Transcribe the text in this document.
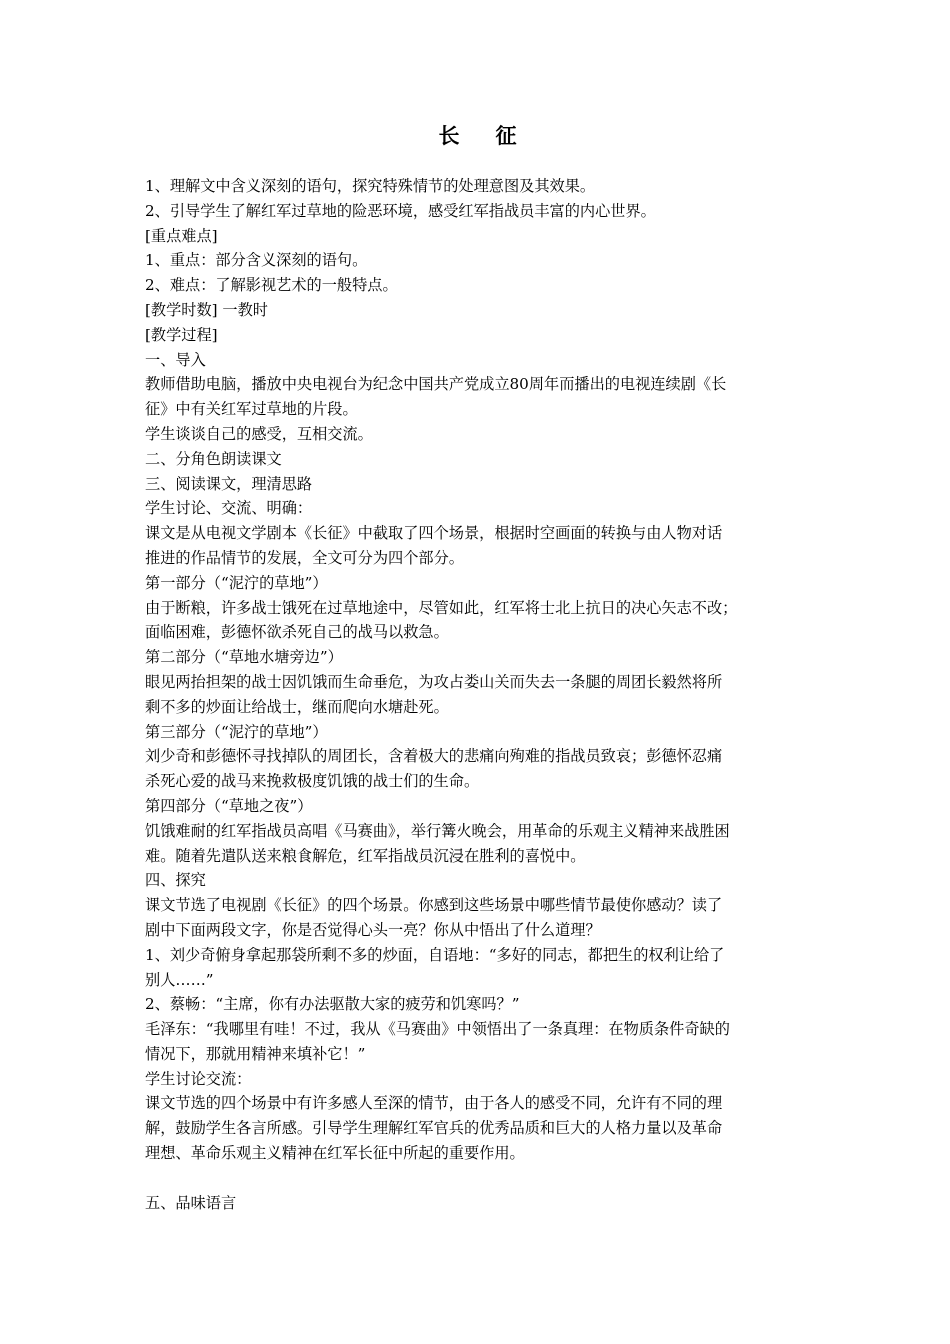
长 征
1、理解文中含义深刻的语句，探究特殊情节的处理意图及其效果。
2、引导学生了解红军过草地的险恶环境，感受红军指战员丰富的内心世界。
[重点难点]
1、重点：部分含义深刻的语句。
2、难点：了解影视艺术的一般特点。
[教学时数] 一教时
[教学过程]
一、导入
教师借助电脑，播放中央电视台为纪念中国共产党成立80周年而播出的电视连续剧《长
征》中有关红军过草地的片段。
学生谈谈自己的感受，互相交流。
二、分角色朗读课文
三、阅读课文，理清思路
学生讨论、交流、明确：
课文是从电视文学剧本《长征》中截取了四个场景，根据时空画面的转换与由人物对话
推进的作品情节的发展，全文可分为四个部分。
第一部分（“泥泞的草地”）
由于断粮，许多战士饿死在过草地途中，尽管如此，红军将士北上抗日的决心矢志不改；
面临困难，彭德怀欲杀死自己的战马以救急。
第二部分（“草地水塘旁边”）
眼见两抬担架的战士因饥饿而生命垂危，为攻占娄山关而失去一条腿的周团长毅然将所
剩不多的炒面让给战士，继而爬向水塘赴死。
第三部分（“泥泞的草地”）
刘少奇和彭德怀寻找掉队的周团长，含着极大的悲痛向殉难的指战员致哀；彭德怀忍痛
杀死心爱的战马来挽救极度饥饿的战士们的生命。
第四部分（“草地之夜”）
饥饿难耐的红军指战员高唱《马赛曲》，举行篝火晚会，用革命的乐观主义精神来战胜困
难。随着先遣队送来粮食解危，红军指战员沉浸在胜利的喜悦中。
四、探究
课文节选了电视剧《长征》的四个场景。你感到这些场景中哪些情节最使你感动？读了
剧中下面两段文字，你是否觉得心头一亮？你从中悟出了什么道理？
1、刘少奇俯身拿起那袋所剩不多的炒面，自语地：“多好的同志，都把生的权利让给了
别人……”
2、蔡畅：“主席，你有办法驱散大家的疲劳和饥寒吗？”
毛泽东：“我哪里有哇！不过，我从《马赛曲》中领悟出了一条真理：在物质条件奇缺的
情况下，那就用精神来填补它！”
学生讨论交流：
课文节选的四个场景中有许多感人至深的情节，由于各人的感受不同，允许有不同的理
解，鼓励学生各言所感。引导学生理解红军官兵的优秀品质和巨大的人格力量以及革命
理想、革命乐观主义精神在红军长征中所起的重要作用。
五、品味语言
